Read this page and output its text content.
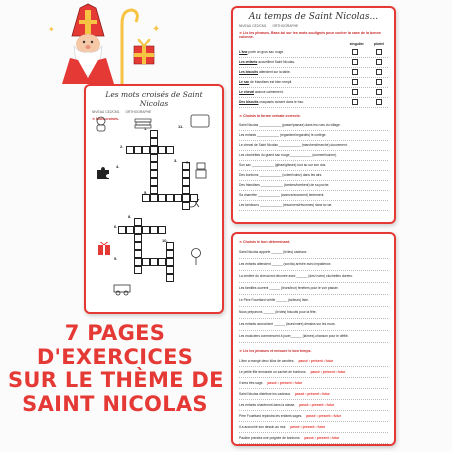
✦
✦
Au temps de Saint Nicolas...
NIVEAU CE2/CM1 ORTHOGRAPHE
➜ Lis les phrases. Base-toi sur les mots soulignés pour cocher la case de la bonne colonne.
singulier	pluriel
L'âne porte un gros sac rouge.
Les enfants accueillent Saint Nicolas.
Les biscuits attendent sur la table.
Le sac de friandises est bien rempli.
Le cheval avance calmement.
Des biscuits craquants cuisent dans le four.
➜ Choisis la forme verbale correcte.
Saint Nicolas ____________ (passe/passez) dans les rues du village.
Les enfants ____________ (regardent/regardes) le cortège.
Le cheval de Saint Nicolas ____________ (marchent/marche) doucement.
Les clochettes du grand sac rouge____________ (sonnent/sonne).
Son sac ____________ (glisse/glisses) tout au sur son dos.
Des bonbons ____________ (volent/volez) dans les airs.
Des friandises ____________ (tombes/tombent) de sa poche.
Sa charrette ____________ (avance/avancent) lentement.
Les tambours ____________ (résonnent/résonnes) dans la rue.
Les mots croisés de Saint Nicolas
NIVEAU CE2/CM1 ORTHOGRAPHE
➜ Mots croisés.
1.
2.
3.
4.
5.
6.
7.
8.
9.
10.
11.
➜ Choisis le bon déterminant.
Saint Nicolas apporte ______ (le/les) cadeaux.
Les enfants attendent ______ (son/ta) arrivée avec impatience.
La crinière du cheval est décorée avec ______ (des/ notre) clochettes dorées.
Les familles ouvrent ______ (leurs/leur) fenêtres pour le voir passer.
Le Père Fouettard vérifie ______ (ta/leurs) liste.
Nous préparons ______ (le/des) biscuits pour la fête.
Les enfants accrochent ______ (leurs/votre) dessins sur les murs.
Les musiciens commencent à jouer______ (la/mes) chanson pour le défilé.
➜ Lis les phrases et entoure le bon temps.
L'âne a mangé deux kilos de carottes. passé • présent • futur
Le petite fille demande un sachet de bonbons. passé • présent • futur
Il sera très sage. passé • présent • futur
Saint Nicolas distribue les cadeaux. passé • présent • futur
Les enfants chanteront dans la classe. passé • présent • futur
Père Fouettard rejoindra les enfants sages. passé • présent • futur
Il a accroché son dessin au mur. passé • présent • futur
Pauline prendra une poignée de bonbons. passé • présent • futur
7 PAGES
D'EXERCICES
SUR LE THÈME DE
SAINT NICOLAS
